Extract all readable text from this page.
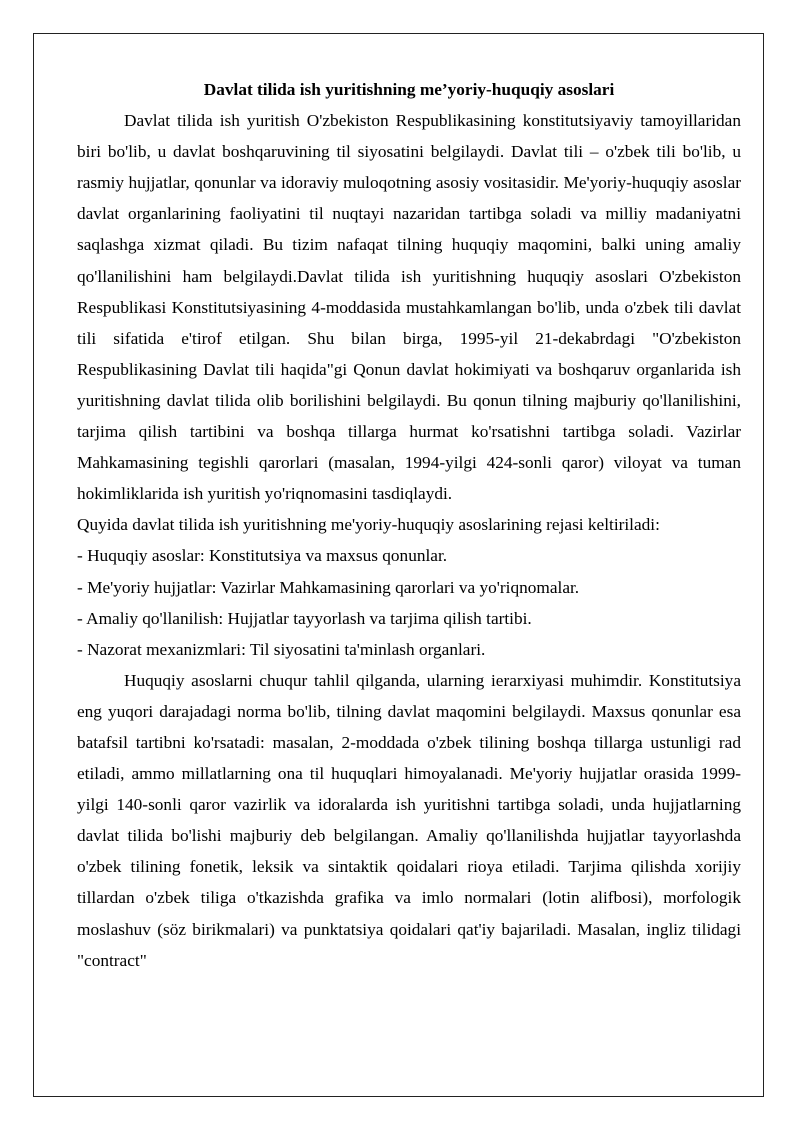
Davlat tilida ish yuritishning me’yoriy-huquqiy asoslari

Davlat tilida ish yuritish O'zbekiston Respublikasining konstitutsiyaviy tamoyillaridan biri bo'lib, u davlat boshqaruvining til siyosatini belgilaydi. Davlat tili – o'zbek tili bo'lib, u rasmiy hujjatlar, qonunlar va idoraviy muloqotning asosiy vositasidir. Me'yoriy-huquqiy asoslar davlat organlarining faoliyatini til nuqtayi nazaridan tartibga soladi va milliy madaniyatni saqlashga xizmat qiladi. Bu tizim nafaqat tilning huquqiy maqomini, balki uning amaliy qo'llanilishini ham belgilaydi.Davlat tilida ish yuritishning huquqiy asoslari O'zbekiston Respublikasi Konstitutsiyasining 4-moddasida mustahkamlangan bo'lib, unda o'zbek tili davlat tili sifatida e'tirof etilgan. Shu bilan birga, 1995-yil 21-dekabrdagi "O'zbekiston Respublikasining Davlat tili haqida"gi Qonun davlat hokimiyati va boshqaruv organlarida ish yuritishning davlat tilida olib borilishini belgilaydi. Bu qonun tilning majburiy qo'llanilishini, tarjima qilish tartibini va boshqa tillarga hurmat ko'rsatishni tartibga soladi. Vazirlar Mahkamasining tegishli qarorlari (masalan, 1994-yilgi 424-sonli qaror) viloyat va tuman hokimliklarida ish yuritish yo'riqnomasini tasdiqlaydi.

Quyida davlat tilida ish yuritishning me'yoriy-huquqiy asoslarining rejasi keltiriladi:

- Huquqiy asoslar: Konstitutsiya va maxsus qonunlar.

- Me'yoriy hujjatlar: Vazirlar Mahkamasining qarorlari va yo'riqnomalar.

- Amaliy qo'llanilish: Hujjatlar tayyorlash va tarjima qilish tartibi.

- Nazorat mexanizmlari: Til siyosatini ta'minlash organlari.

Huquqiy asoslarni chuqur tahlil qilganda, ularning ierarxiyasi muhimdir. Konstitutsiya eng yuqori darajadagi norma bo'lib, tilning davlat maqomini belgilaydi. Maxsus qonunlar esa batafsil tartibni ko'rsatadi: masalan, 2-moddada o'zbek tilining boshqa tillarga ustunligi rad etiladi, ammo millatlarning ona til huquqlari himoyalanadi. Me'yoriy hujjatlar orasida 1999-yilgi 140-sonli qaror vazirlik va idoralarda ish yuritishni tartibga soladi, unda hujjatlarning davlat tilida bo'lishi majburiy deb belgilangan. Amaliy qo'llanilishda hujjatlar tayyorlashda o'zbek tilining fonetik, leksik va sintaktik qoidalari rioya etiladi. Tarjima qilishda xorijiy tillardan o'zbek tiliga o'tkazishda grafika va imlo normalari (lotin alifbosi), morfologik moslashuv (söz birikmalari) va punktatsiya qoidalari qat'iy bajariladi. Masalan, ingliz tilidagi "contract"
